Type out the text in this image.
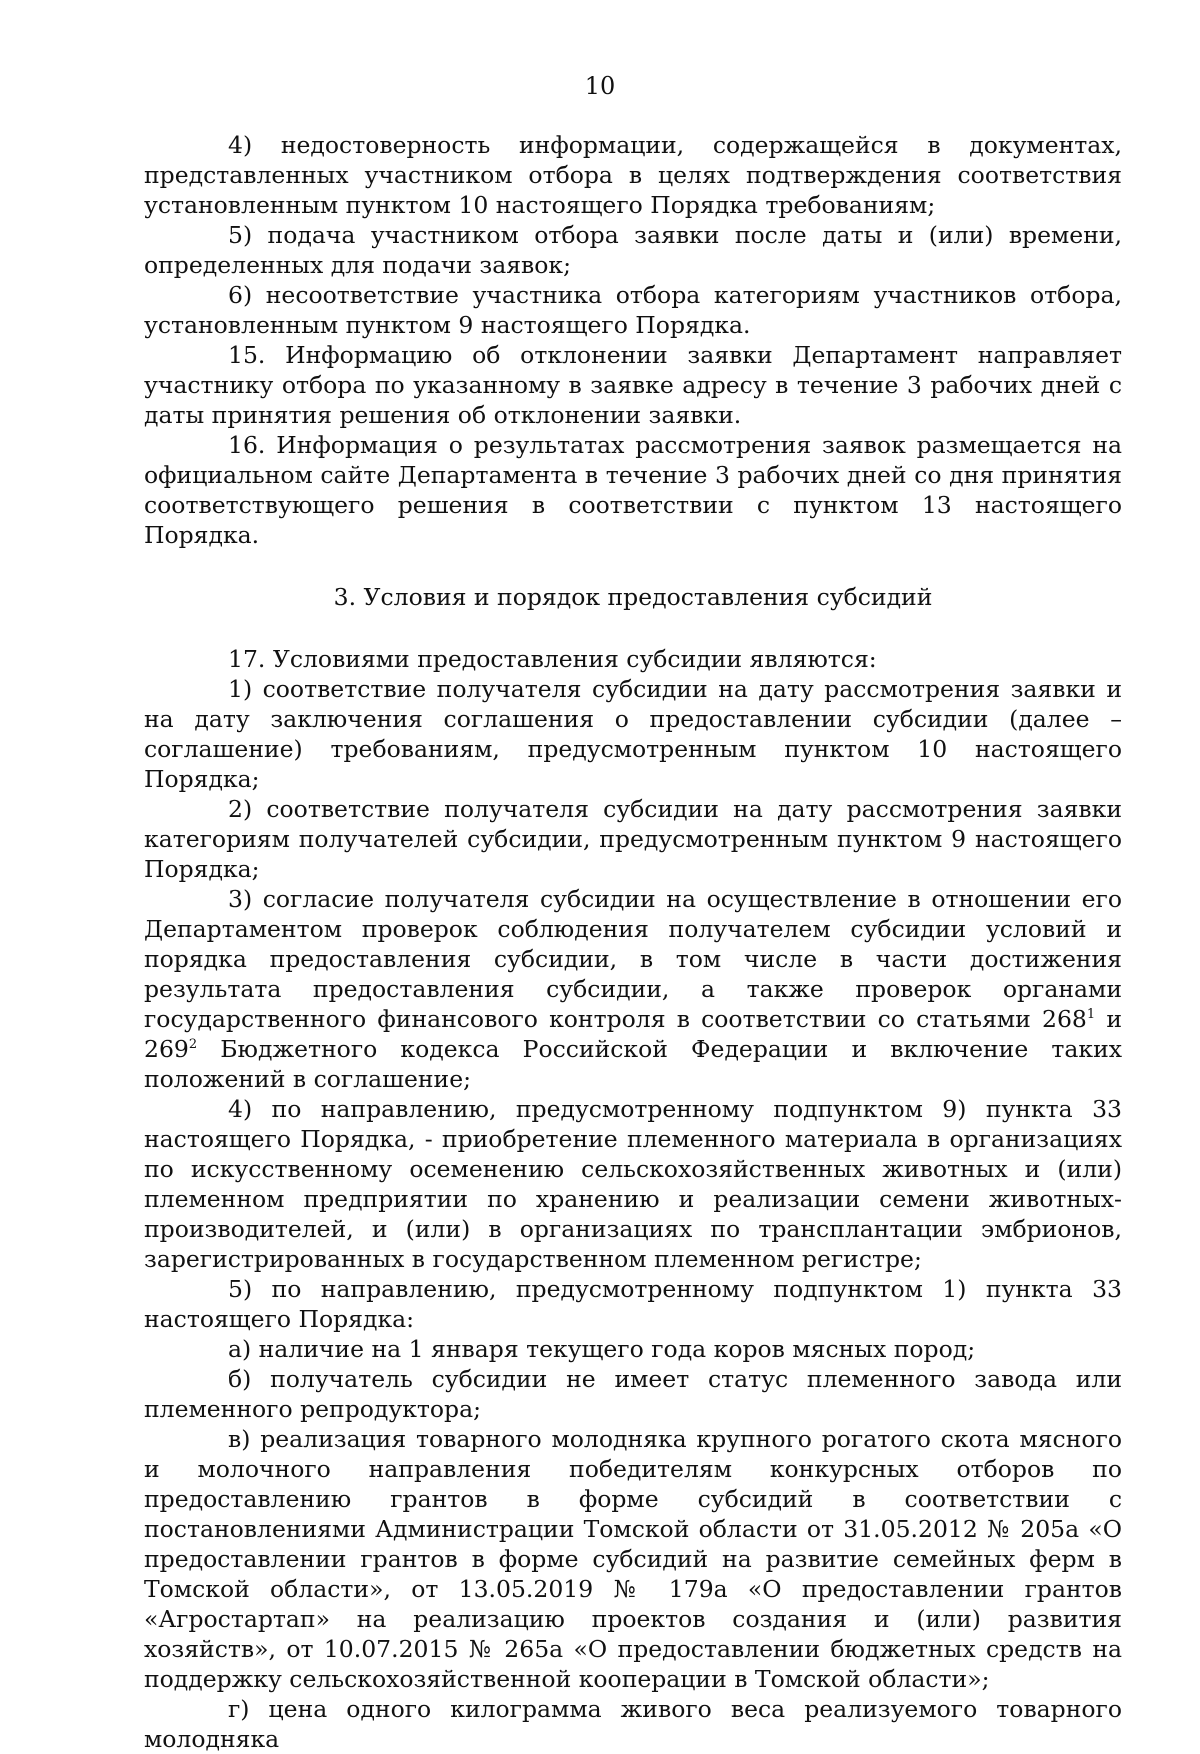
10

4) недостоверность информации, содержащейся в документах, представленных участником отбора в целях подтверждения соответствия установленным пунктом 10 настоящего Порядка требованиям;

5) подача участником отбора заявки после даты и (или) времени, определенных для подачи заявок;

6) несоответствие участника отбора категориям участников отбора, установленным пунктом 9 настоящего Порядка.

15. Информацию об отклонении заявки Департамент направляет участнику отбора по указанному в заявке адресу в течение 3 рабочих дней с даты принятия решения об отклонении заявки.

16. Информация о результатах рассмотрения заявок размещается на официальном сайте Департамента в течение 3 рабочих дней со дня принятия соответствующего решения в соответствии с пунктом 13 настоящего Порядка.

3. Условия и порядок предоставления субсидий

17. Условиями предоставления субсидии являются:

1) соответствие получателя субсидии на дату рассмотрения заявки и на дату заключения соглашения о предоставлении субсидии (далее – соглашение) требованиям, предусмотренным пунктом 10 настоящего Порядка;

2) соответствие получателя субсидии на дату рассмотрения заявки категориям получателей субсидии, предусмотренным пунктом 9 настоящего Порядка;

3) согласие получателя субсидии на осуществление в отношении его Департаментом проверок соблюдения получателем субсидии условий и порядка предоставления субсидии, в том числе в части достижения результата предоставления субсидии, а также проверок органами государственного финансового контроля в соответствии со статьями $268^1$ и $269^2$ Бюджетного кодекса Российской Федерации и включение таких положений в соглашение;

4) по направлению, предусмотренному подпунктом 9) пункта 33 настоящего Порядка, - приобретение племенного материала в организациях по искусственному осеменению сельскохозяйственных животных и (или) племенном предприятии по хранению и реализации семени животных-производителей, и (или) в организациях по трансплантации эмбрионов, зарегистрированных в государственном племенном регистре;

5) по направлению, предусмотренному подпунктом 1) пункта 33 настоящего Порядка:

а) наличие на 1 января текущего года коров мясных пород;

б) получатель субсидии не имеет статус племенного завода или племенного репродуктора;

в) реализация товарного молодняка крупного рогатого скота мясного и молочного направления победителям конкурсных отборов по предоставлению грантов в форме субсидий в соответствии с постановлениями Администрации Томской области от 31.05.2012 № 205а «О предоставлении грантов в форме субсидий на развитие семейных ферм в Томской области», от 13.05.2019 № 179а «О предоставлении грантов «Агростартап» на реализацию проектов создания и (или) развития хозяйств», от 10.07.2015 № 265а «О предоставлении бюджетных средств на поддержку сельскохозяйственной кооперации в Томской области»;

г) цена одного килограмма живого веса реализуемого товарного молодняка
